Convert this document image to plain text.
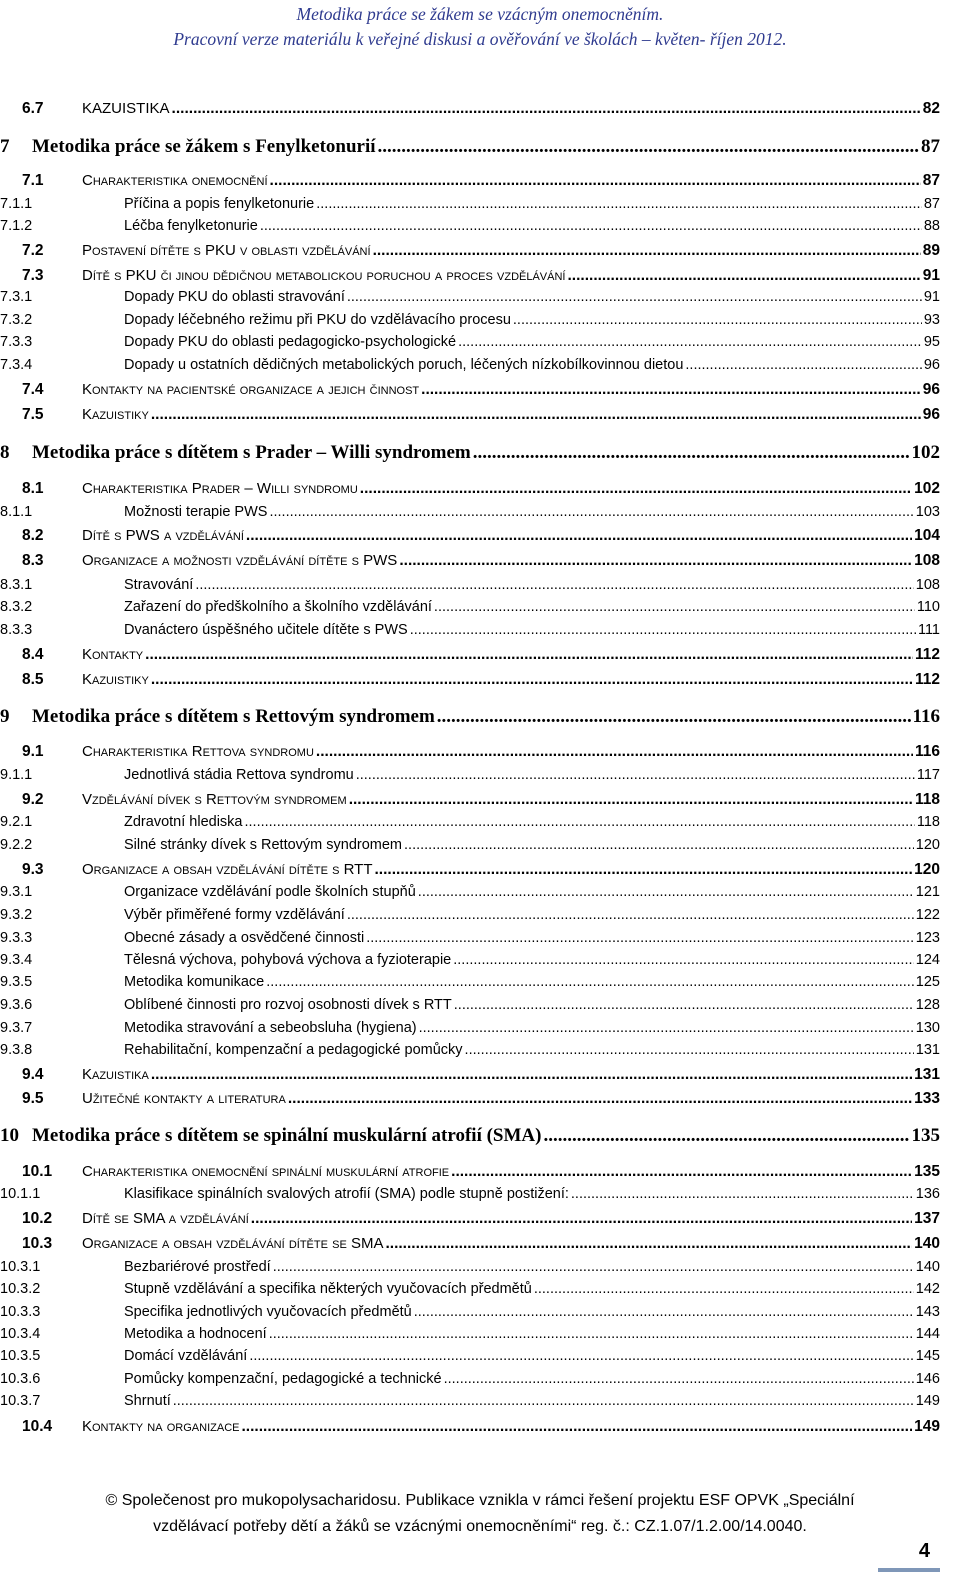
Metodika práce se žákem se vzácným onemocněním.
Pracovní verze materiálu k veřejné diskusi a ověřování ve školách – květen- říjen 2012.
6.7	KAZUISTIKA .....	82
7	Metodika práce se žákem s Fenylketonurií .....	87
7.1	Charakteristika onemocnění .....	87
7.1.1	Příčina a popis fenylketonurie .....	87
7.1.2	Léčba fenylketonurie .....	88
7.2	Postavení dítěte s PKU v oblasti vzdělávání .....	89
7.3	Dítě s PKU či jinou dědičnou metabolickou poruchou a proces vzdělávání .....	91
7.3.1	Dopady PKU do oblasti stravování .....	91
7.3.2	Dopady léčebného režimu při PKU do vzdělávacího procesu .....	93
7.3.3	Dopady PKU do oblasti pedagogicko-psychologické .....	95
7.3.4	Dopady u ostatních dědičných metabolických poruch, léčených nízkobílkovinnou dietou .....	96
7.4	Kontakty na pacientské organizace a jejich činnost .....	96
7.5	Kazuistiky .....	96
8	Metodika práce s dítětem s Prader – Willi syndromem .....	102
8.1	Charakteristika Prader – Willi syndromu .....	102
8.1.1	Možnosti terapie PWS .....	103
8.2	Dítě s PWS a vzdělávání .....	104
8.3	Organizace a možnosti vzdělávání dítěte s PWS .....	108
8.3.1	Stravování .....	108
8.3.2	Zařazení do předškolního a školního vzdělávání .....	110
8.3.3	Dvanáctero úspěšného učitele dítěte s PWS .....	111
8.4	Kontakty .....	112
8.5	Kazuistiky .....	112
9	Metodika práce s dítětem s Rettovým syndromem .....	116
9.1	Charakteristika Rettova syndromu .....	116
9.1.1	Jednotlivá stádia Rettova syndromu .....	117
9.2	Vzdělávání dívek s Rettovým syndromem .....	118
9.2.1	Zdravotní hlediska .....	118
9.2.2	Silné stránky dívek s Rettovým syndromem .....	120
9.3	Organizace a obsah vzdělávání dítěte s RTT .....	120
9.3.1	Organizace vzdělávání podle školních stupňů .....	121
9.3.2	Výběr přiměřené formy vzdělávání .....	122
9.3.3	Obecné zásady a osvědčené činnosti .....	123
9.3.4	Tělesná výchova, pohybová výchova a fyzioterapie .....	124
9.3.5	Metodika komunikace .....	125
9.3.6	Oblíbené činnosti pro rozvoj osobnosti dívek s RTT .....	128
9.3.7	Metodika stravování a sebeobsluha (hygiena) .....	130
9.3.8	Rehabilitační, kompenzační a pedagogické pomůcky .....	131
9.4	Kazuistika .....	131
9.5	Užitečné kontakty a literatura .....	133
10 Metodika práce s dítětem se spinální muskulární atrofií (SMA) .....	135
10.1	Charakteristika onemocnění spinální muskulární atrofie .....	135
10.1.1	Klasifikace spinálních svalových atrofií (SMA) podle stupně postižení: .....	136
10.2	Dítě se SMA a vzdělávání .....	137
10.3	Organizace a obsah vzdělávání dítěte se SMA .....	140
10.3.1	Bezbariérové prostředí .....	140
10.3.2	Stupně vzdělávání a specifika některých vyučovacích předmětů .....	142
10.3.3	Specifika jednotlivých vyučovacích předmětů .....	143
10.3.4	Metodika a hodnocení .....	144
10.3.5	Domácí vzdělávání .....	145
10.3.6	Pomůcky kompenzační, pedagogické a technické .....	146
10.3.7	Shrnutí .....	149
10.4	Kontakty na organizace .....	149
© Společenost pro mukopolysacharidosu. Publikace vznikla v rámci řešení projektu ESF OPVK „Speciální
vzdělávací potřeby dětí a žáků se vzácnými onemocněními“ reg. č.: CZ.1.07/1.2.00/14.0040.
4
